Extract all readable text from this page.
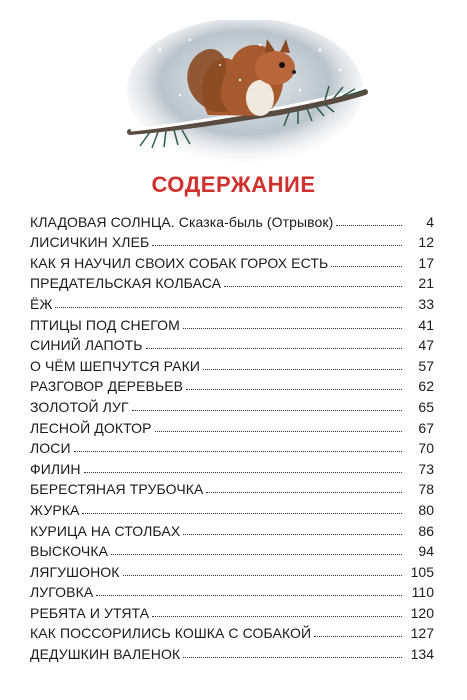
СОДЕРЖАНИЕ
КЛАДОВАЯ СОЛНЦА. Сказка-быль (Отрывок)	4
ЛИСИЧКИН ХЛЕБ	12
КАК Я НАУЧИЛ СВОИХ СОБАК ГОРОХ ЕСТЬ	17
ПРЕДАТЕЛЬСКАЯ КОЛБАСА	21
ЁЖ	33
ПТИЦЫ ПОД СНЕГОМ	41
СИНИЙ ЛАПОТЬ	47
О ЧЁМ ШЕПЧУТСЯ РАКИ	57
РАЗГОВОР ДЕРЕВЬЕВ	62
ЗОЛОТОЙ ЛУГ	65
ЛЕСНОЙ ДОКТОР	67
ЛОСИ	70
ФИЛИН	73
БЕРЕСТЯНАЯ ТРУБОЧКА	78
ЖУРКА	80
КУРИЦА НА СТОЛБАХ	86
ВЫСКОЧКА	94
ЛЯГУШОНОК	105
ЛУГОВКА	110
РЕБЯТА И УТЯТА	120
КАК ПОССОРИЛИСЬ КОШКА С СОБАКОЙ	127
ДЕДУШКИН ВАЛЕНОК	134
